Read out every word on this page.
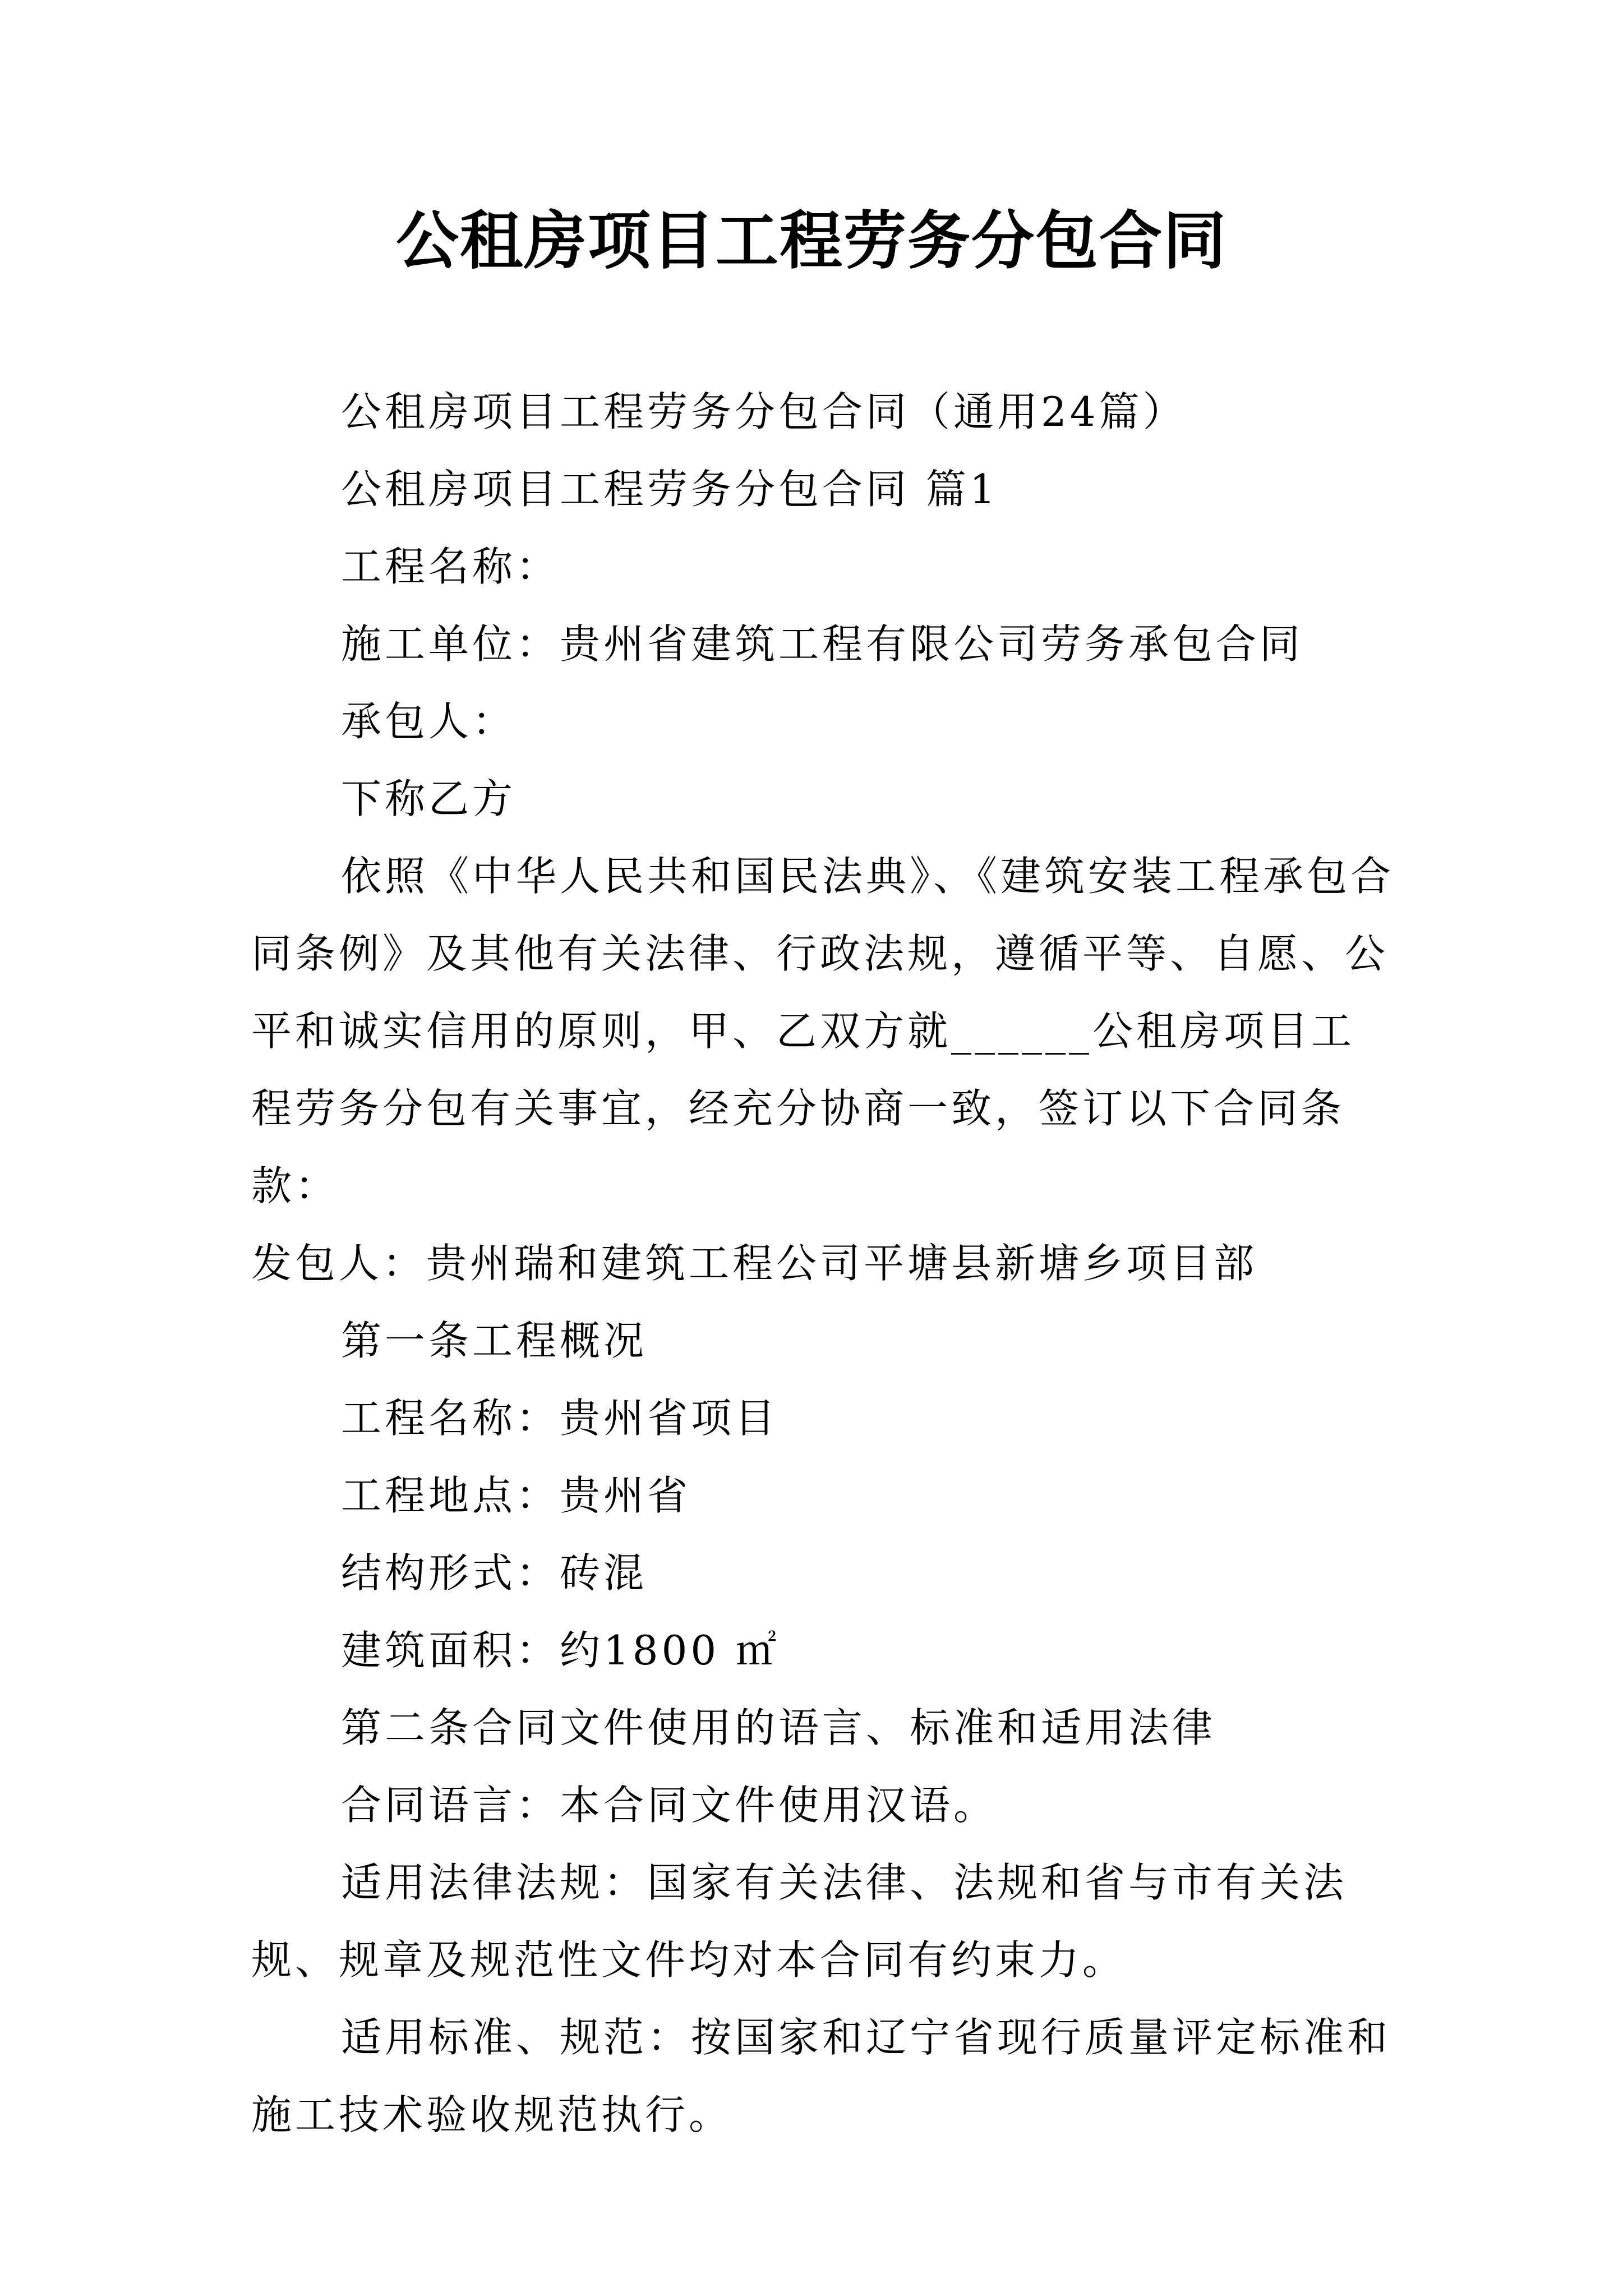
公租房项目工程劳务分包合同

公租房项目工程劳务分包合同（通用24篇）

公租房项目工程劳务分包合同 篇1

工程名称：

施工单位：贵州省建筑工程有限公司劳务承包合同

承包人：

下称乙方

依照《中华人民共和国民法典》、《建筑安装工程承包合同条例》及其他有关法律、行政法规，遵循平等、自愿、公平和诚实信用的原则，甲、乙双方就______公租房项目工程劳务分包有关事宜，经充分协商一致，签订以下合同条款：

发包人：贵州瑞和建筑工程公司平塘县新塘乡项目部

第一条工程概况

工程名称：贵州省项目

工程地点：贵州省

结构形式：砖混

建筑面积：约1800 ㎡

第二条合同文件使用的语言、标准和适用法律

合同语言：本合同文件使用汉语。

适用法律法规：国家有关法律、法规和省与市有关法规、规章及规范性文件均对本合同有约束力。

适用标准、规范：按国家和辽宁省现行质量评定标准和施工技术验收规范执行。
